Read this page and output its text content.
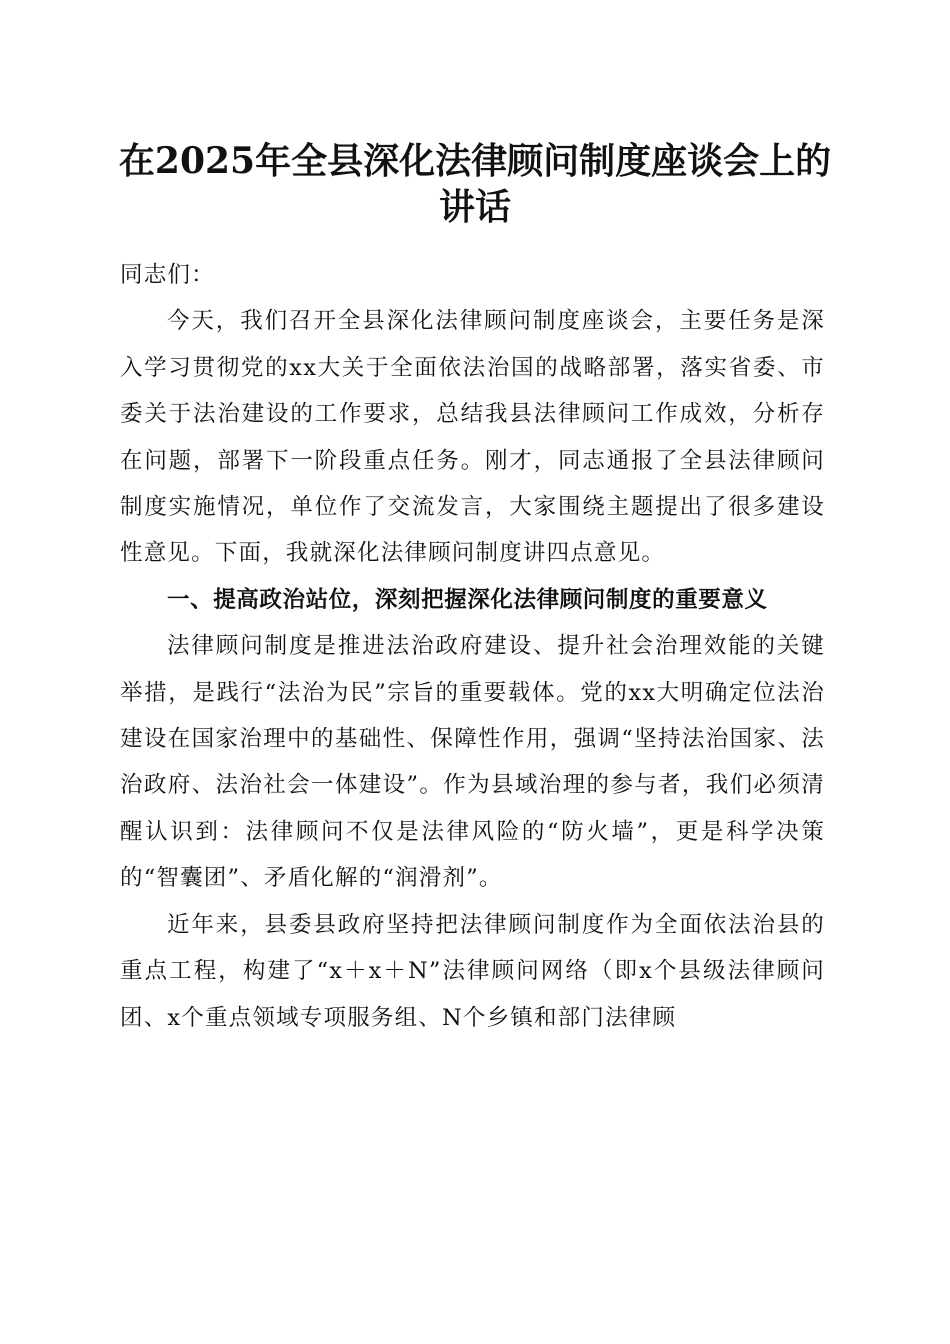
在2025年全县深化法律顾问制度座谈会上的讲话

同志们：

今天，我们召开全县深化法律顾问制度座谈会，主要任务是深入学习贯彻党的xx大关于全面依法治国的战略部署，落实省委、市委关于法治建设的工作要求，总结我县法律顾问工作成效，分析存在问题，部署下一阶段重点任务。刚才，同志通报了全县法律顾问制度实施情况，单位作了交流发言，大家围绕主题提出了很多建设性意见。下面，我就深化法律顾问制度讲四点意见。

一、提高政治站位，深刻把握深化法律顾问制度的重要意义

法律顾问制度是推进法治政府建设、提升社会治理效能的关键举措，是践行“法治为民”宗旨的重要载体。党的xx大明确定位法治建设在国家治理中的基础性、保障性作用，强调“坚持法治国家、法治政府、法治社会一体建设”。作为县域治理的参与者，我们必须清醒认识到：法律顾问不仅是法律风险的“防火墙”，更是科学决策的“智囊团”、矛盾化解的“润滑剂”。

近年来，县委县政府坚持把法律顾问制度作为全面依法治县的重点工程，构建了“x＋x＋N”法律顾问网络（即x个县级法律顾问团、x个重点领域专项服务组、N个乡镇和部门法律顾
